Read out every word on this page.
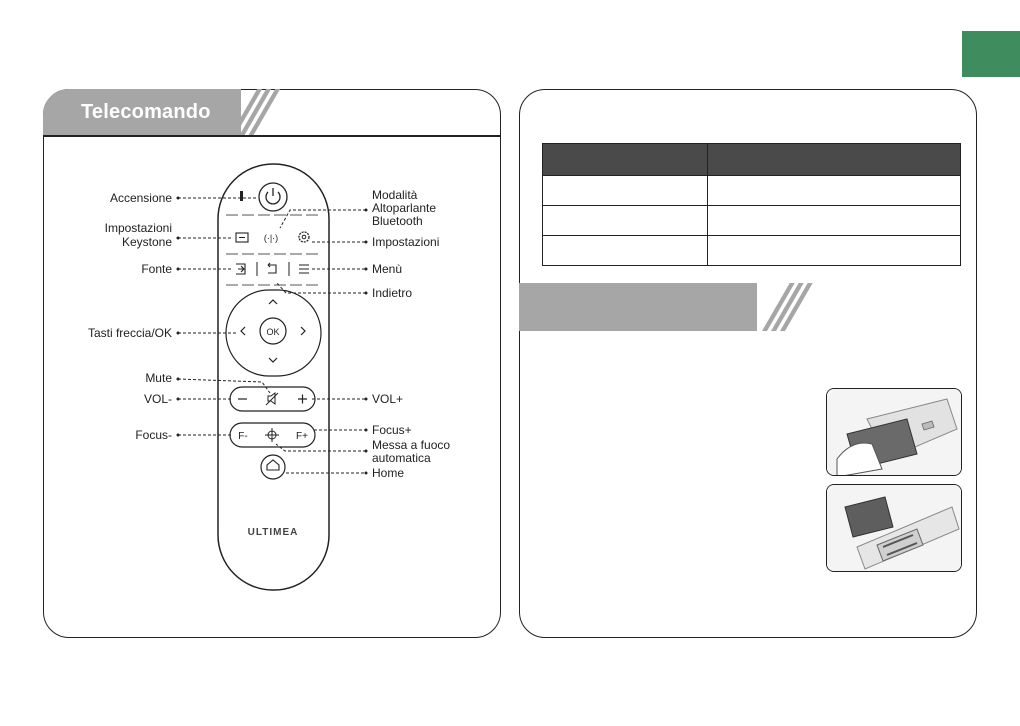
Telecomando
(·|·)
OK
F-	F+
ULTIMEA
Accensione
Impostazioni
Keystone
Fonte
Tasti freccia/OK
Mute
VOL-
Focus-
Modalità
Altoparlante
Bluetooth
Impostazioni
Menù
Indietro
VOL+
Focus+
Messa a fuoco
automatica
Home
